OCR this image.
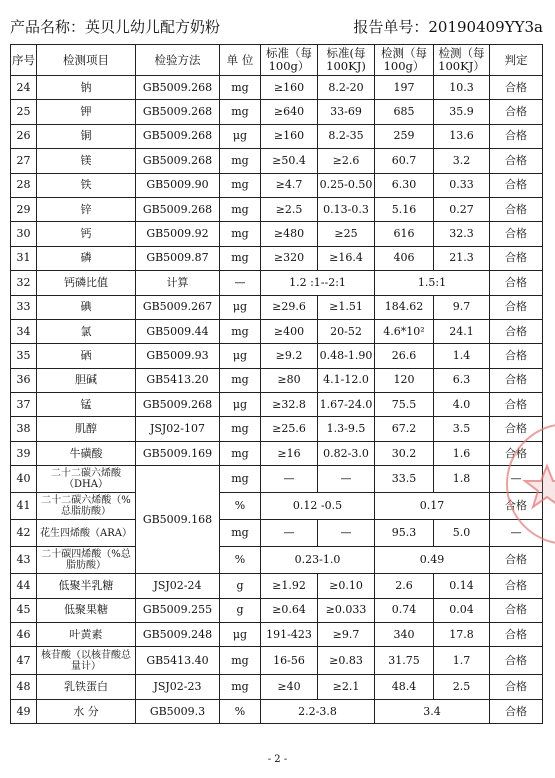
产品名称：英贝儿幼儿配方奶粉	报告单号：20190409YY3a
序号	检测项目	检验方法	单 位	标准（每100g）	标准(每100KJ)	检测（每100g）	检测（每100KJ）	判定
24	钠	GB5009.268	mg	≥160	8.2-20	197	10.3	合格
25	钾	GB5009.268	mg	≥640	33-69	685	35.9	合格
26	铜	GB5009.268	μg	≥160	8.2-35	259	13.6	合格
27	镁	GB5009.268	mg	≥50.4	≥2.6	60.7	3.2	合格
28	铁	GB5009.90	mg	≥4.7	0.25-0.50	6.30	0.33	合格
29	锌	GB5009.268	mg	≥2.5	0.13-0.3	5.16	0.27	合格
30	钙	GB5009.92	mg	≥480	≥25	616	32.3	合格
31	磷	GB5009.87	mg	≥320	≥16.4	406	21.3	合格
32	钙磷比值	计算	—	1.2 :1--2:1		1.5:1		合格
33	碘	GB5009.267	μg	≥29.6	≥1.51	184.62	9.7	合格
34	氯	GB5009.44	mg	≥400	20-52	4.6*10²	24.1	合格
35	硒	GB5009.93	μg	≥9.2	0.48-1.90	26.6	1.4	合格
36	胆碱	GB5413.20	mg	≥80	4.1-12.0	120	6.3	合格
37	锰	GB5009.268	μg	≥32.8	1.67-24.0	75.5	4.0	合格
38	肌醇	JSJ02-107	mg	≥25.6	1.3-9.5	67.2	3.5	合格
39	牛磺酸	GB5009.169	mg	≥16	0.82-3.0	30.2	1.6	合格
40	二十二碳六烯酸（DHA）	GB5009.168	mg	—	—	33.5	1.8	—
41	二十二碳六烯酸（%总脂肪酸）		%	0.12 -0.5		0.17		合格
42	花生四烯酸（ARA）		mg	—	—	95.3	5.0	—
43	二十碳四烯酸（%总脂肪酸）		%	0.23-1.0		0.49		合格
44	低聚半乳糖	JSJ02-24	g	≥1.92	≥0.10	2.6	0.14	合格
45	低聚果糖	GB5009.255	g	≥0.64	≥0.033	0.74	0.04	合格
46	叶黄素	GB5009.248	μg	191-423	≥9.7	340	17.8	合格
47	核苷酸（以核苷酸总量计）	GB5413.40	mg	16-56	≥0.83	31.75	1.7	合格
48	乳铁蛋白	JSJ02-23	mg	≥40	≥2.1	48.4	2.5	合格
49	水 分	GB5009.3	%	2.2-3.8		3.4		合格
- 2 -
